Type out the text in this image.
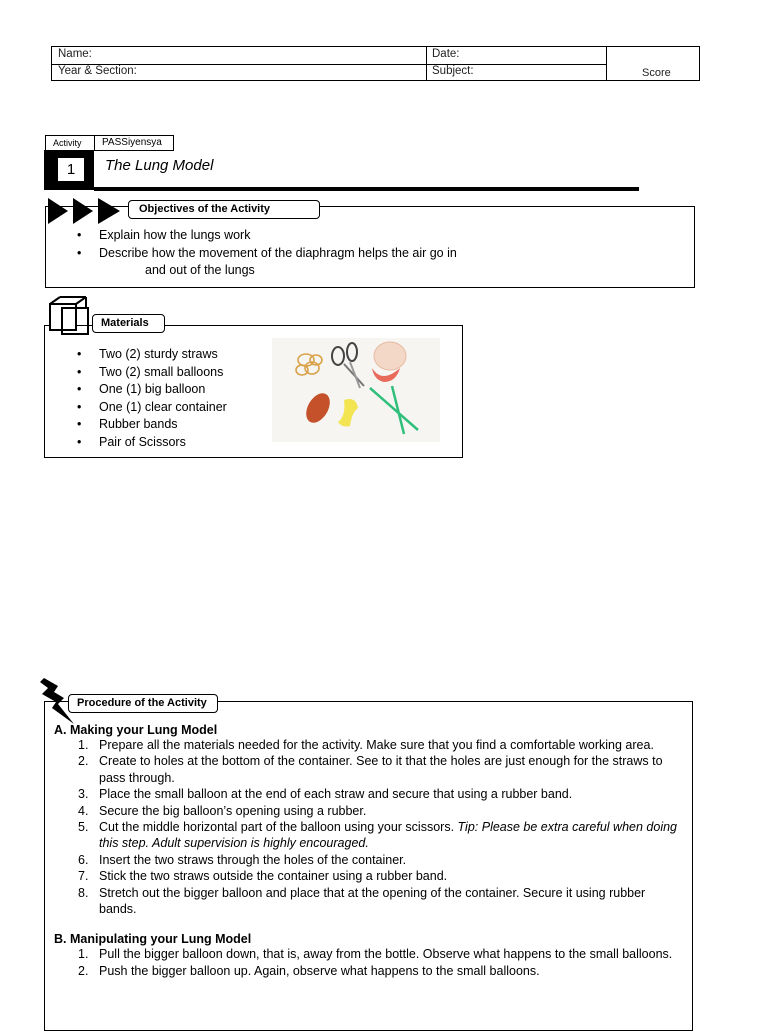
Name:	Date:
Year & Section:	Subject:	Score
Activity	PASSiyensya
1	The Lung Model
Objectives of the Activity
• Explain how the lungs work
• Describe how the movement of the diaphragm helps the air go in
and out of the lungs
Materials
• Two (2) sturdy straws
• Two (2) small balloons
• One (1) big balloon
• One (1) clear container
• Rubber bands
• Pair of Scissors
Procedure of the Activity
A. Making your Lung Model
1. Prepare all the materials needed for the activity. Make sure that you find a comfortable working area.
2. Create to holes at the bottom of the container. See to it that the holes are just enough for the straws to pass through.
3. Place the small balloon at the end of each straw and secure that using a rubber band.
4. Secure the big balloon’s opening using a rubber.
5. Cut the middle horizontal part of the balloon using your scissors. Tip: Please be extra careful when doing this step. Adult supervision is highly encouraged.
6. Insert the two straws through the holes of the container.
7. Stick the two straws outside the container using a rubber band.
8. Stretch out the bigger balloon and place that at the opening of the container. Secure it using rubber bands.
B. Manipulating your Lung Model
1. Pull the bigger balloon down, that is, away from the bottle. Observe what happens to the small balloons.
2. Push the bigger balloon up. Again, observe what happens to the small balloons.
